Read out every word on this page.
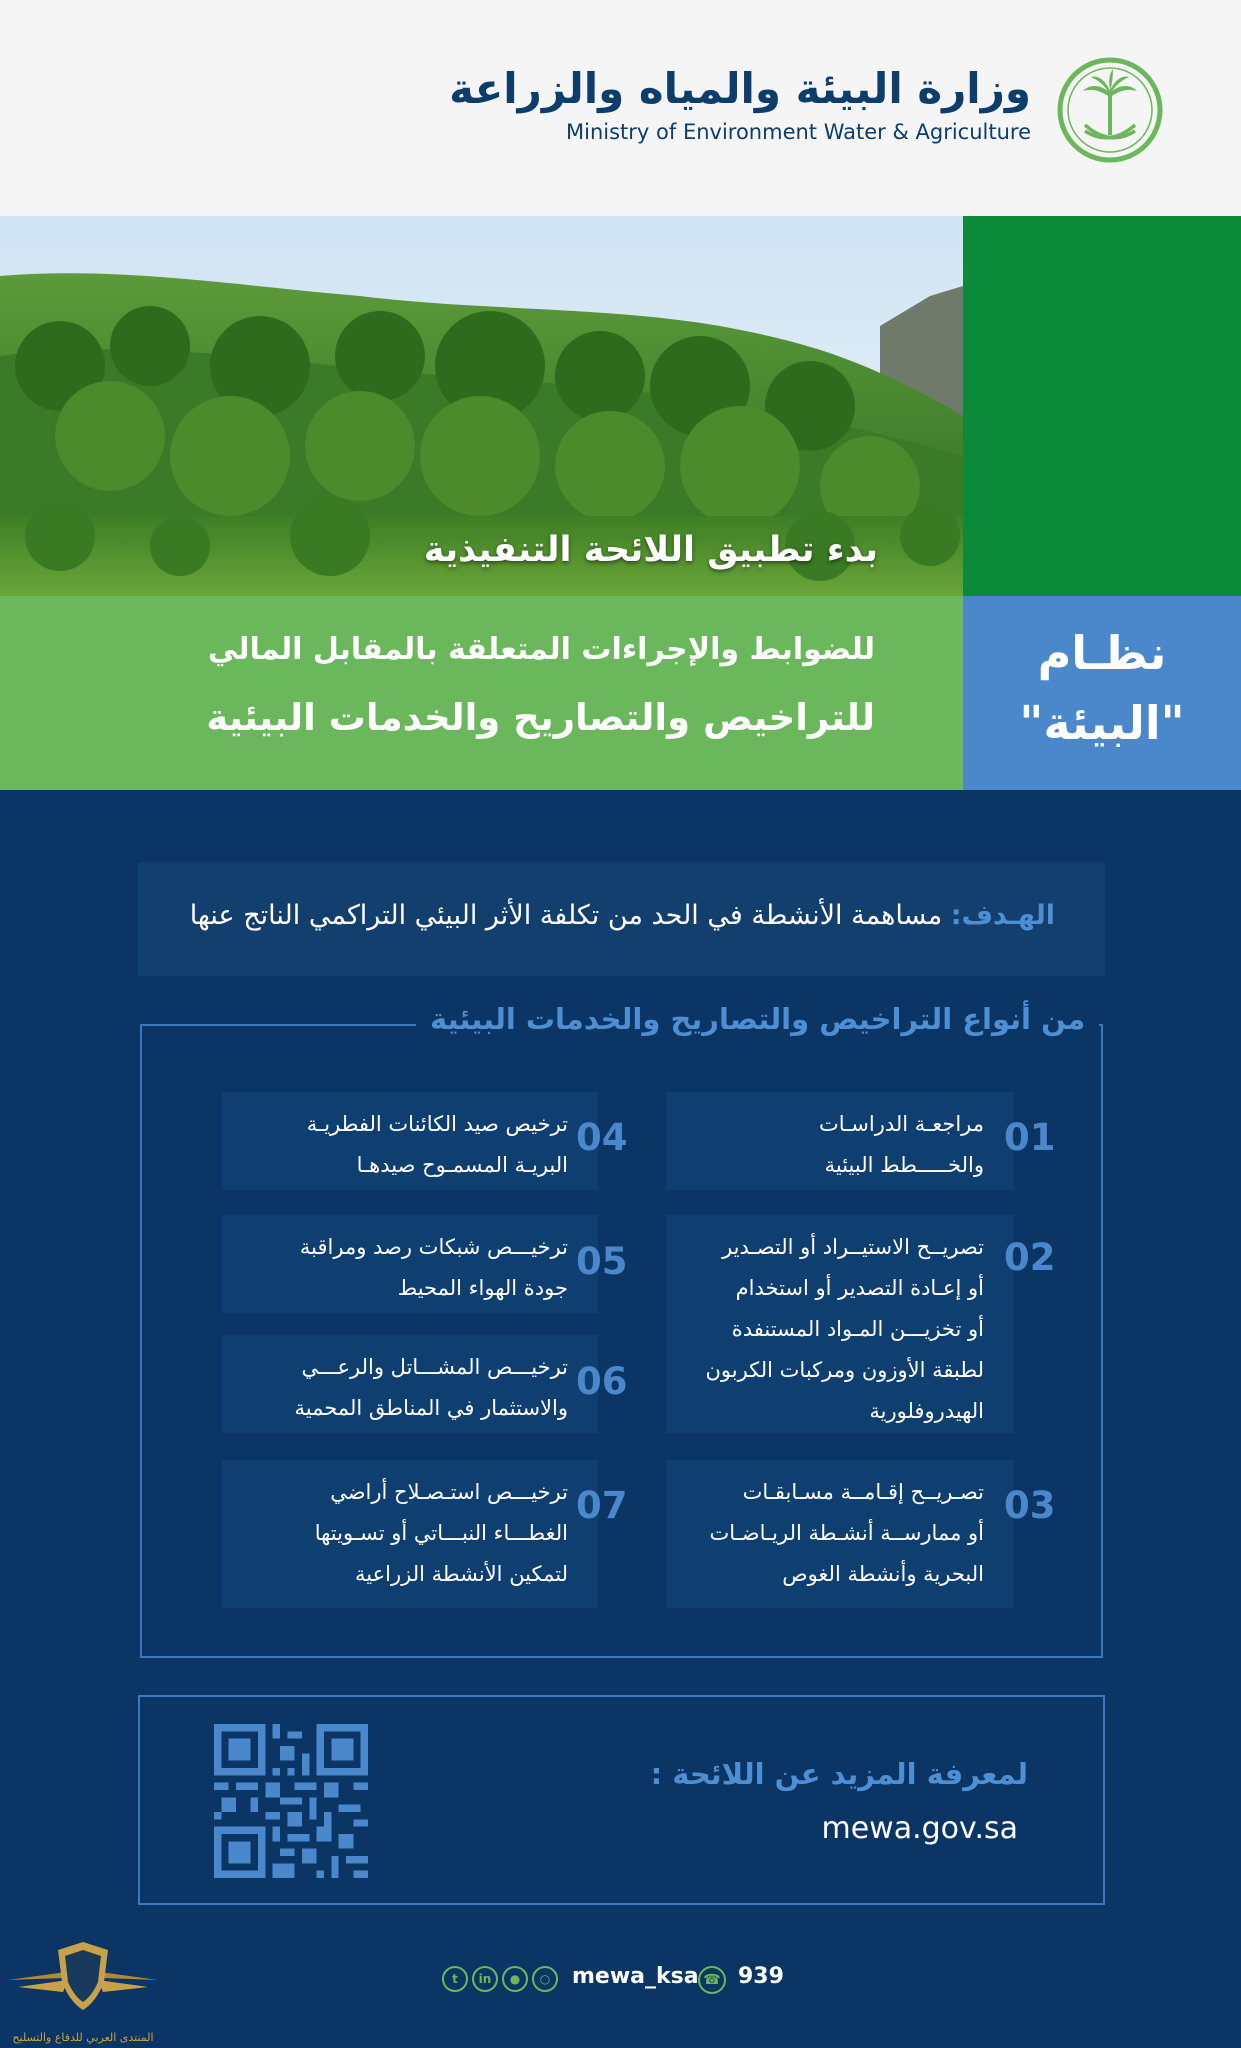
وزارة البيئة والمياه والزراعة
Ministry of Environment Water & Agriculture
بدء تطبيق اللائحة التنفيذية
للضوابط والإجراءات المتعلقة بالمقابل المالي
للتراخيص والتصاريح والخدمات البيئية
نظـام
"البيئة"
الهـدف: مساهمة الأنشطة في الحد من تكلفة الأثر البيئي التراكمي الناتج عنها
من أنواع التراخيص والتصاريح والخدمات البيئية
مراجعـة الدراسـات
والخـــــطط البيئية
01
تصريــح الاستيــراد أو التصـدير
أو إعـادة التصدير أو استخدام
أو تخزيـــن المـواد المستنفدة
لطبقة الأوزون ومركبات الكربون
الهيدروفلورية
02
تصـريــح إقـامــة مسـابقـات
أو ممارســة أنشـطة الريـاضـات
البحرية وأنشطة الغوص
03
ترخيص صيد الكائنات الفطريـة
البريـة المسمـوح صيدهـا
04
ترخيـــص شبكات رصد ومراقبة
جودة الهواء المحيط
05
ترخيـــص المشـــاتل والرعـــي
والاستثمار في المناطق المحمية
06
ترخيـــص استـصـلاح أراضي
الغطـــاء النبـــاتي أو تسـويتها
لتمكين الأنشطة الزراعية
07
لمعرفة المزيد عن اللائحة :
mewa.gov.sa
t	in	●	○ mewa_ksa ☎ 939
المنتدى العربي للدفاع والتسليح
